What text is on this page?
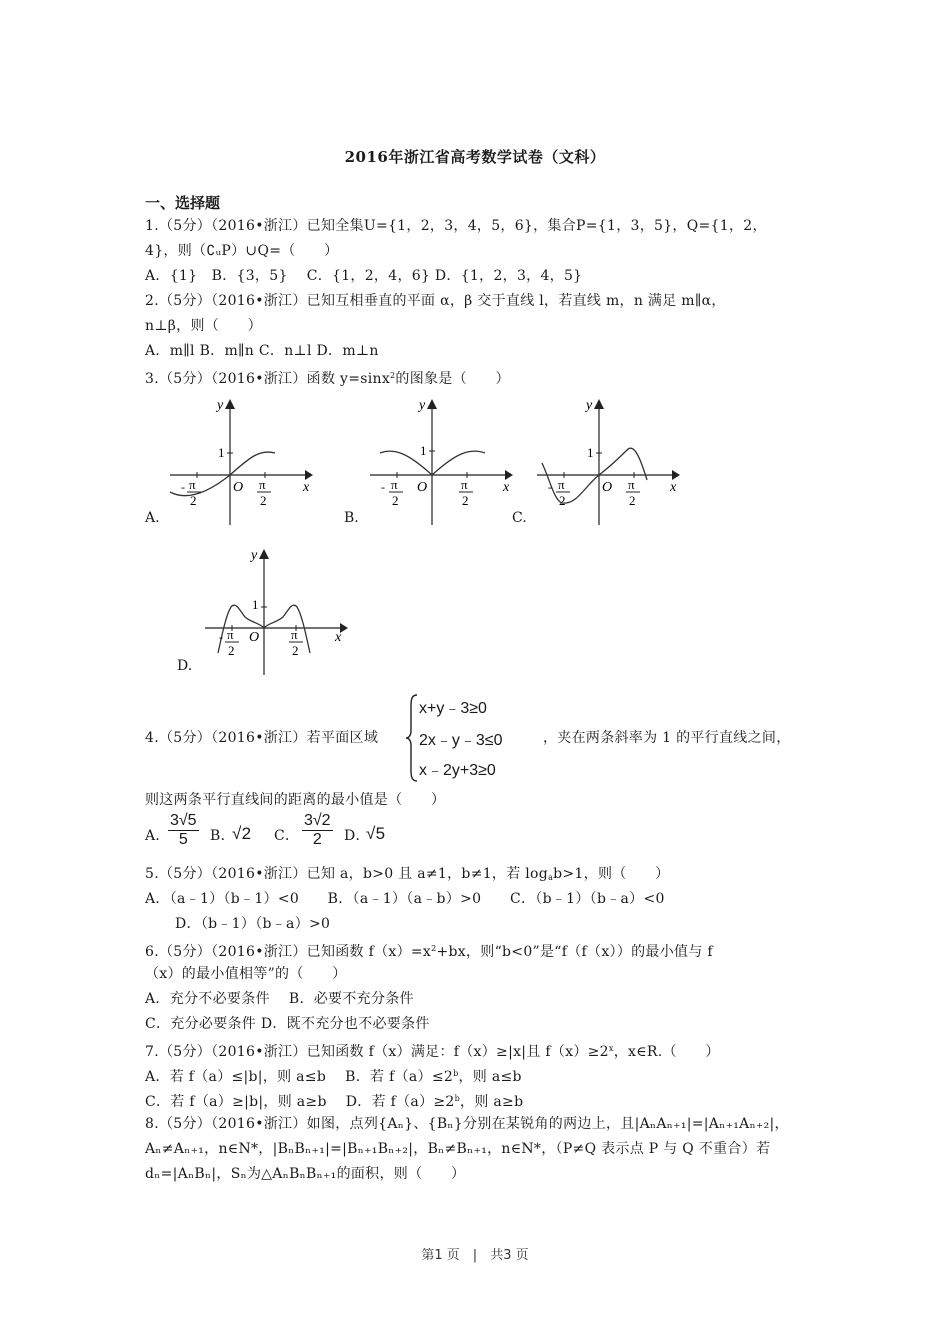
2016年浙江省高考数学试卷（文科）
一、选择题
1.（5分）（2016•浙江）已知全集U={1，2，3，4，5，6}，集合P={1，3，5}，Q={1，2，
4}，则（∁ᵤP）∪Q=（　　）
A．{1}　B．{3，5}　 C．{1，2，4，6} D．{1，2，3，4，5}
2.（5分）（2016•浙江）已知互相垂直的平面 α，β 交于直线 l，若直线 m，n 满足 m∥α，
n⊥β，则（　　）
A．m∥l B．m∥n C．n⊥l D．m⊥n
3.（5分）（2016•浙江）函数 y=sinx$^2$的图象是（　　）
A.
y
x
O
1
- π
2
π
2
B.
y
x
O
1
- π
2
π
2
C.
y
x
O
1
- π
2
π
2
D.
y
x
O
1
- π
2
π
2
4.（5分）（2016•浙江）若平面区域
x+y﹣3≥0
2x﹣y﹣3≤0
x﹣2y+3≥0
，夹在两条斜率为 1 的平行直线之间，
则这两条平行直线间的距离的最小值是（　　）
A．
$\frac{3√5}{5}$ B．
√2 C． $\frac{3√2}{2}$ D．
√5
5.（5分）（2016•浙江）已知 a，b>0 且 a≠1，b≠1，若 $\log_ab>1$，则（　　）
A．（a﹣1）（b﹣1）<0　　B．（a﹣1）（a﹣b）>0　　C．（b﹣1）（b﹣a）<0
D．（b﹣1）（b﹣a）>0
6.（5分）（2016•浙江）已知函数 $f(x)=x^2+bx$，则“b<0”是“f（f（x））的最小值与 f
（x）的最小值相等”的（　　）
A．充分不必要条件　 B．必要不充分条件
C．充分必要条件 D．既不充分也不必要条件
7.（5分）（2016•浙江）已知函数 f（x）满足：f（x）≥|x|且 $f(x)\ge 2^x$，x∈R.（　　）
A．若 f（a）≤|b|，则 a≤b　 B．若 $f(a)\le 2^b$，则 a≤b
C．若 f（a）≥|b|，则 a≥b　 D．若 $f(a)\ge 2^b$，则 a≥b
8.（5分）（2016•浙江）如图，点列{Aₙ}、{Bₙ}分别在某锐角的两边上，且|AₙAₙ₊₁|=|Aₙ₊₁Aₙ₊₂|，
Aₙ≠Aₙ₊₁，n∈N*，|BₙBₙ₊₁|=|Bₙ₊₁Bₙ₊₂|，Bₙ≠Bₙ₊₁，n∈N*，（P≠Q 表示点 P 与 Q 不重合）若
dₙ=|AₙBₙ|，Sₙ为△AₙBₙBₙ₊₁的面积，则（　　）
第1 页　|　共3 页
